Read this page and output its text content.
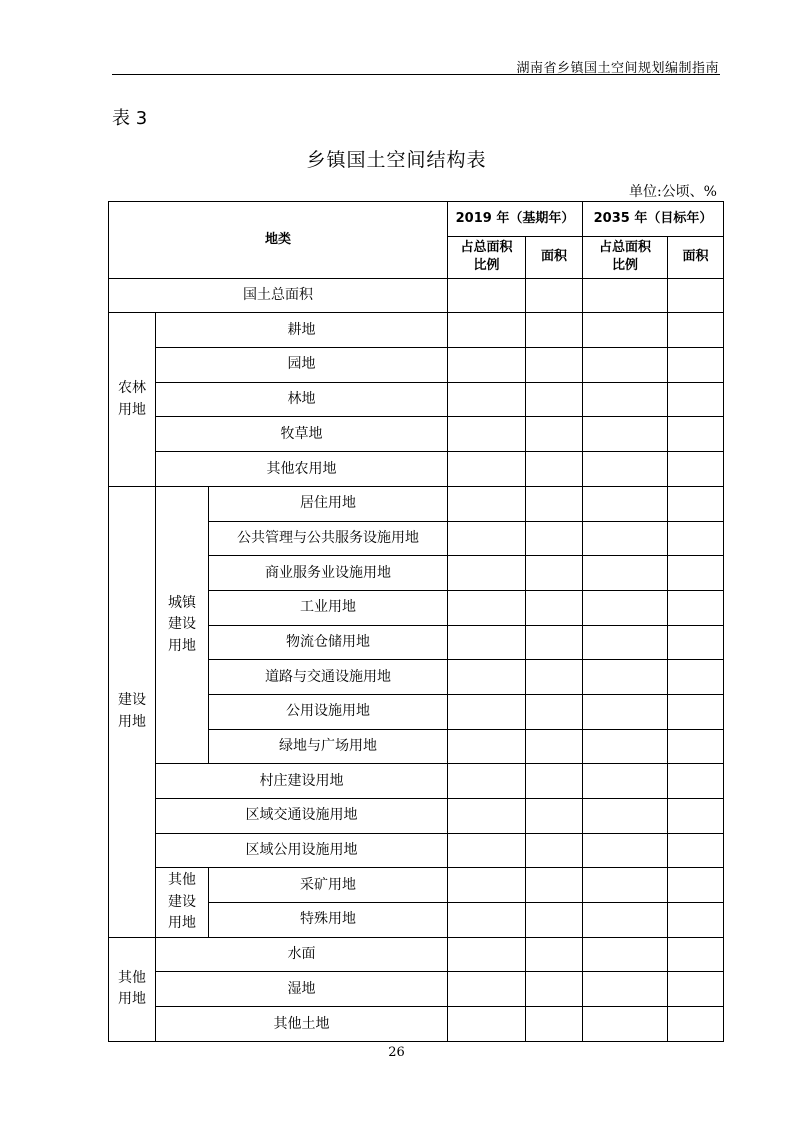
湖南省乡镇国土空间规划编制指南
表 3
乡镇国土空间结构表
单位:公顷、%
地类			2019 年（基期年）		2035 年（目标年）	
			占总面积比例	面积	占总面积比例	面积
国土总面积						
农林用地	耕地					
	园地					
	林地					
	牧草地					
	其他农用地					
建设用地	城镇建设用地	居住用地				
		公共管理与公共服务设施用地				
		商业服务业设施用地				
		工业用地				
		物流仓储用地				
		道路与交通设施用地				
		公用设施用地				
		绿地与广场用地				
	村庄建设用地					
	区域交通设施用地					
	区域公用设施用地					
	其他建设用地	采矿用地				
		特殊用地				
其他用地	水面					
	湿地					
	其他土地					
26
